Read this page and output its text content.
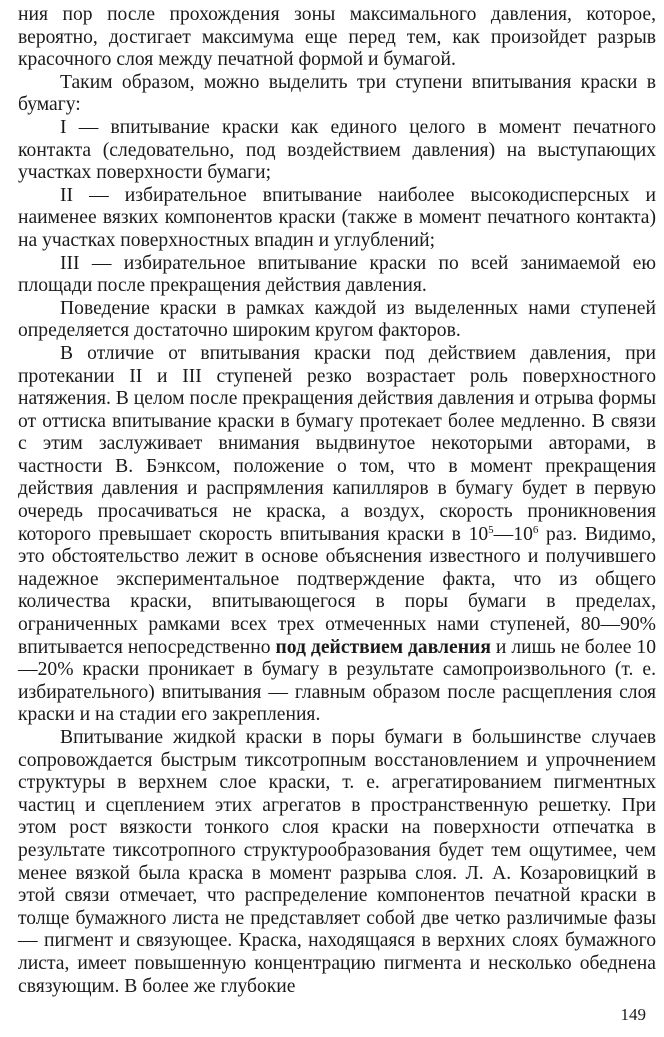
ния пор после прохождения зоны максимального давления, которое, вероятно, достигает максимума еще перед тем, как произойдет разрыв красочного слоя между печатной формой и бумагой.

Таким образом, можно выделить три ступени впитывания краски в бумагу:

I — впитывание краски как единого целого в момент печатного контакта (следовательно, под воздействием давления) на выступающих участках поверхности бумаги;

II — избирательное впитывание наиболее высокодисперсных и наименее вязких компонентов краски (также в момент печатного контакта) на участках поверхностных впадин и углублений;

III — избирательное впитывание краски по всей занимаемой ею площади после прекращения действия давления.

Поведение краски в рамках каждой из выделенных нами ступеней определяется достаточно широким кругом факторов.

В отличие от впитывания краски под действием давления, при протекании II и III ступеней резко возрастает роль поверхностного натяжения. В целом после прекращения действия давления и отрыва формы от оттиска впитывание краски в бумагу протекает более медленно. В связи с этим заслуживает внимания выдвинутое некоторыми авторами, в частности В. Бэнксом, положение о том, что в момент прекращения действия давления и распрямления капилляров в бумагу будет в первую очередь просачиваться не краска, а воздух, скорость проникновения которого превышает скорость впитывания краски в $10^5—10^6$ раз. Видимо, это обстоятельство лежит в основе объяснения известного и получившего надежное экспериментальное подтверждение факта, что из общего количества краски, впитывающегося в поры бумаги в пределах, ограниченных рамками всех трех отмеченных нами ступеней, 80—90% впитывается непосредственно под действием давления и лишь не более 10—20% краски проникает в бумагу в результате самопроизвольного (т. е. избирательного) впитывания — главным образом после расщепления слоя краски и на стадии его закрепления.

Впитывание жидкой краски в поры бумаги в большинстве случаев сопровождается быстрым тиксотропным восстановлением и упрочнением структуры в верхнем слое краски, т. е. агрегатированием пигментных частиц и сцеплением этих агрегатов в пространственную решетку. При этом рост вязкости тонкого слоя краски на поверхности отпечатка в результате тиксотропного структурообразования будет тем ощутимее, чем менее вязкой была краска в момент разрыва слоя. Л. А. Козаровицкий в этой связи отмечает, что распределение компонентов печатной краски в толще бумажного листа не представляет собой две четко различимые фазы — пигмент и связующее. Краска, находящаяся в верхних слоях бумажного листа, имеет повышенную концентрацию пигмента и несколько обеднена связующим. В более же глубокие

149
